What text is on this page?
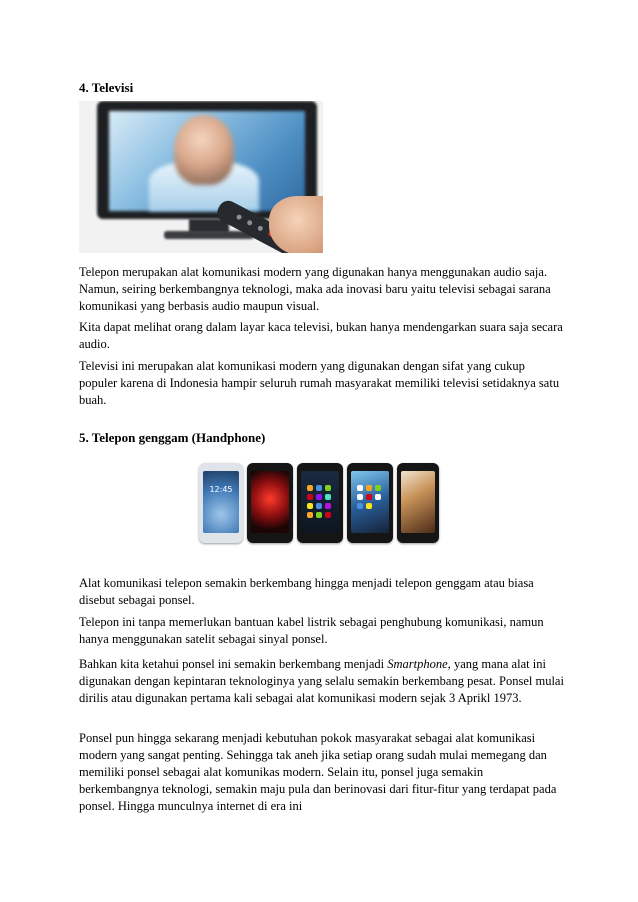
4. Televisi

Telepon merupakan alat komunikasi modern yang digunakan hanya menggunakan audio saja. Namun, seiring berkembangnya teknologi, maka ada inovasi baru yaitu televisi sebagai sarana komunikasi yang berbasis audio maupun visual.

Kita dapat melihat orang dalam layar kaca televisi, bukan hanya mendengarkan suara saja secara audio.

Televisi ini merupakan alat komunikasi modern yang digunakan dengan sifat yang cukup populer karena di Indonesia hampir seluruh rumah masyarakat memiliki televisi setidaknya satu buah.

5. Telepon genggam (Handphone)
12:45

Alat komunikasi telepon semakin berkembang hingga menjadi telepon genggam atau biasa disebut sebagai ponsel.

Telepon ini tanpa memerlukan bantuan kabel listrik sebagai penghubung komunikasi, namun hanya menggunakan satelit sebagai sinyal ponsel.

Bahkan kita ketahui ponsel ini semakin berkembang menjadi Smartphone, yang mana alat ini digunakan dengan kepintaran teknologinya yang selalu semakin berkembang pesat. Ponsel mulai dirilis atau digunakan pertama kali sebagai alat komunikasi modern sejak 3 Aprikl 1973.

Ponsel pun hingga sekarang menjadi kebutuhan pokok masyarakat sebagai alat komunikasi modern yang sangat penting. Sehingga tak aneh jika setiap orang sudah mulai memegang dan memiliki ponsel sebagai alat komunikas modern. Selain itu, ponsel juga semakin berkembangnya teknologi, semakin maju pula dan berinovasi dari fitur-fitur yang terdapat pada ponsel. Hingga munculnya internet di era ini
